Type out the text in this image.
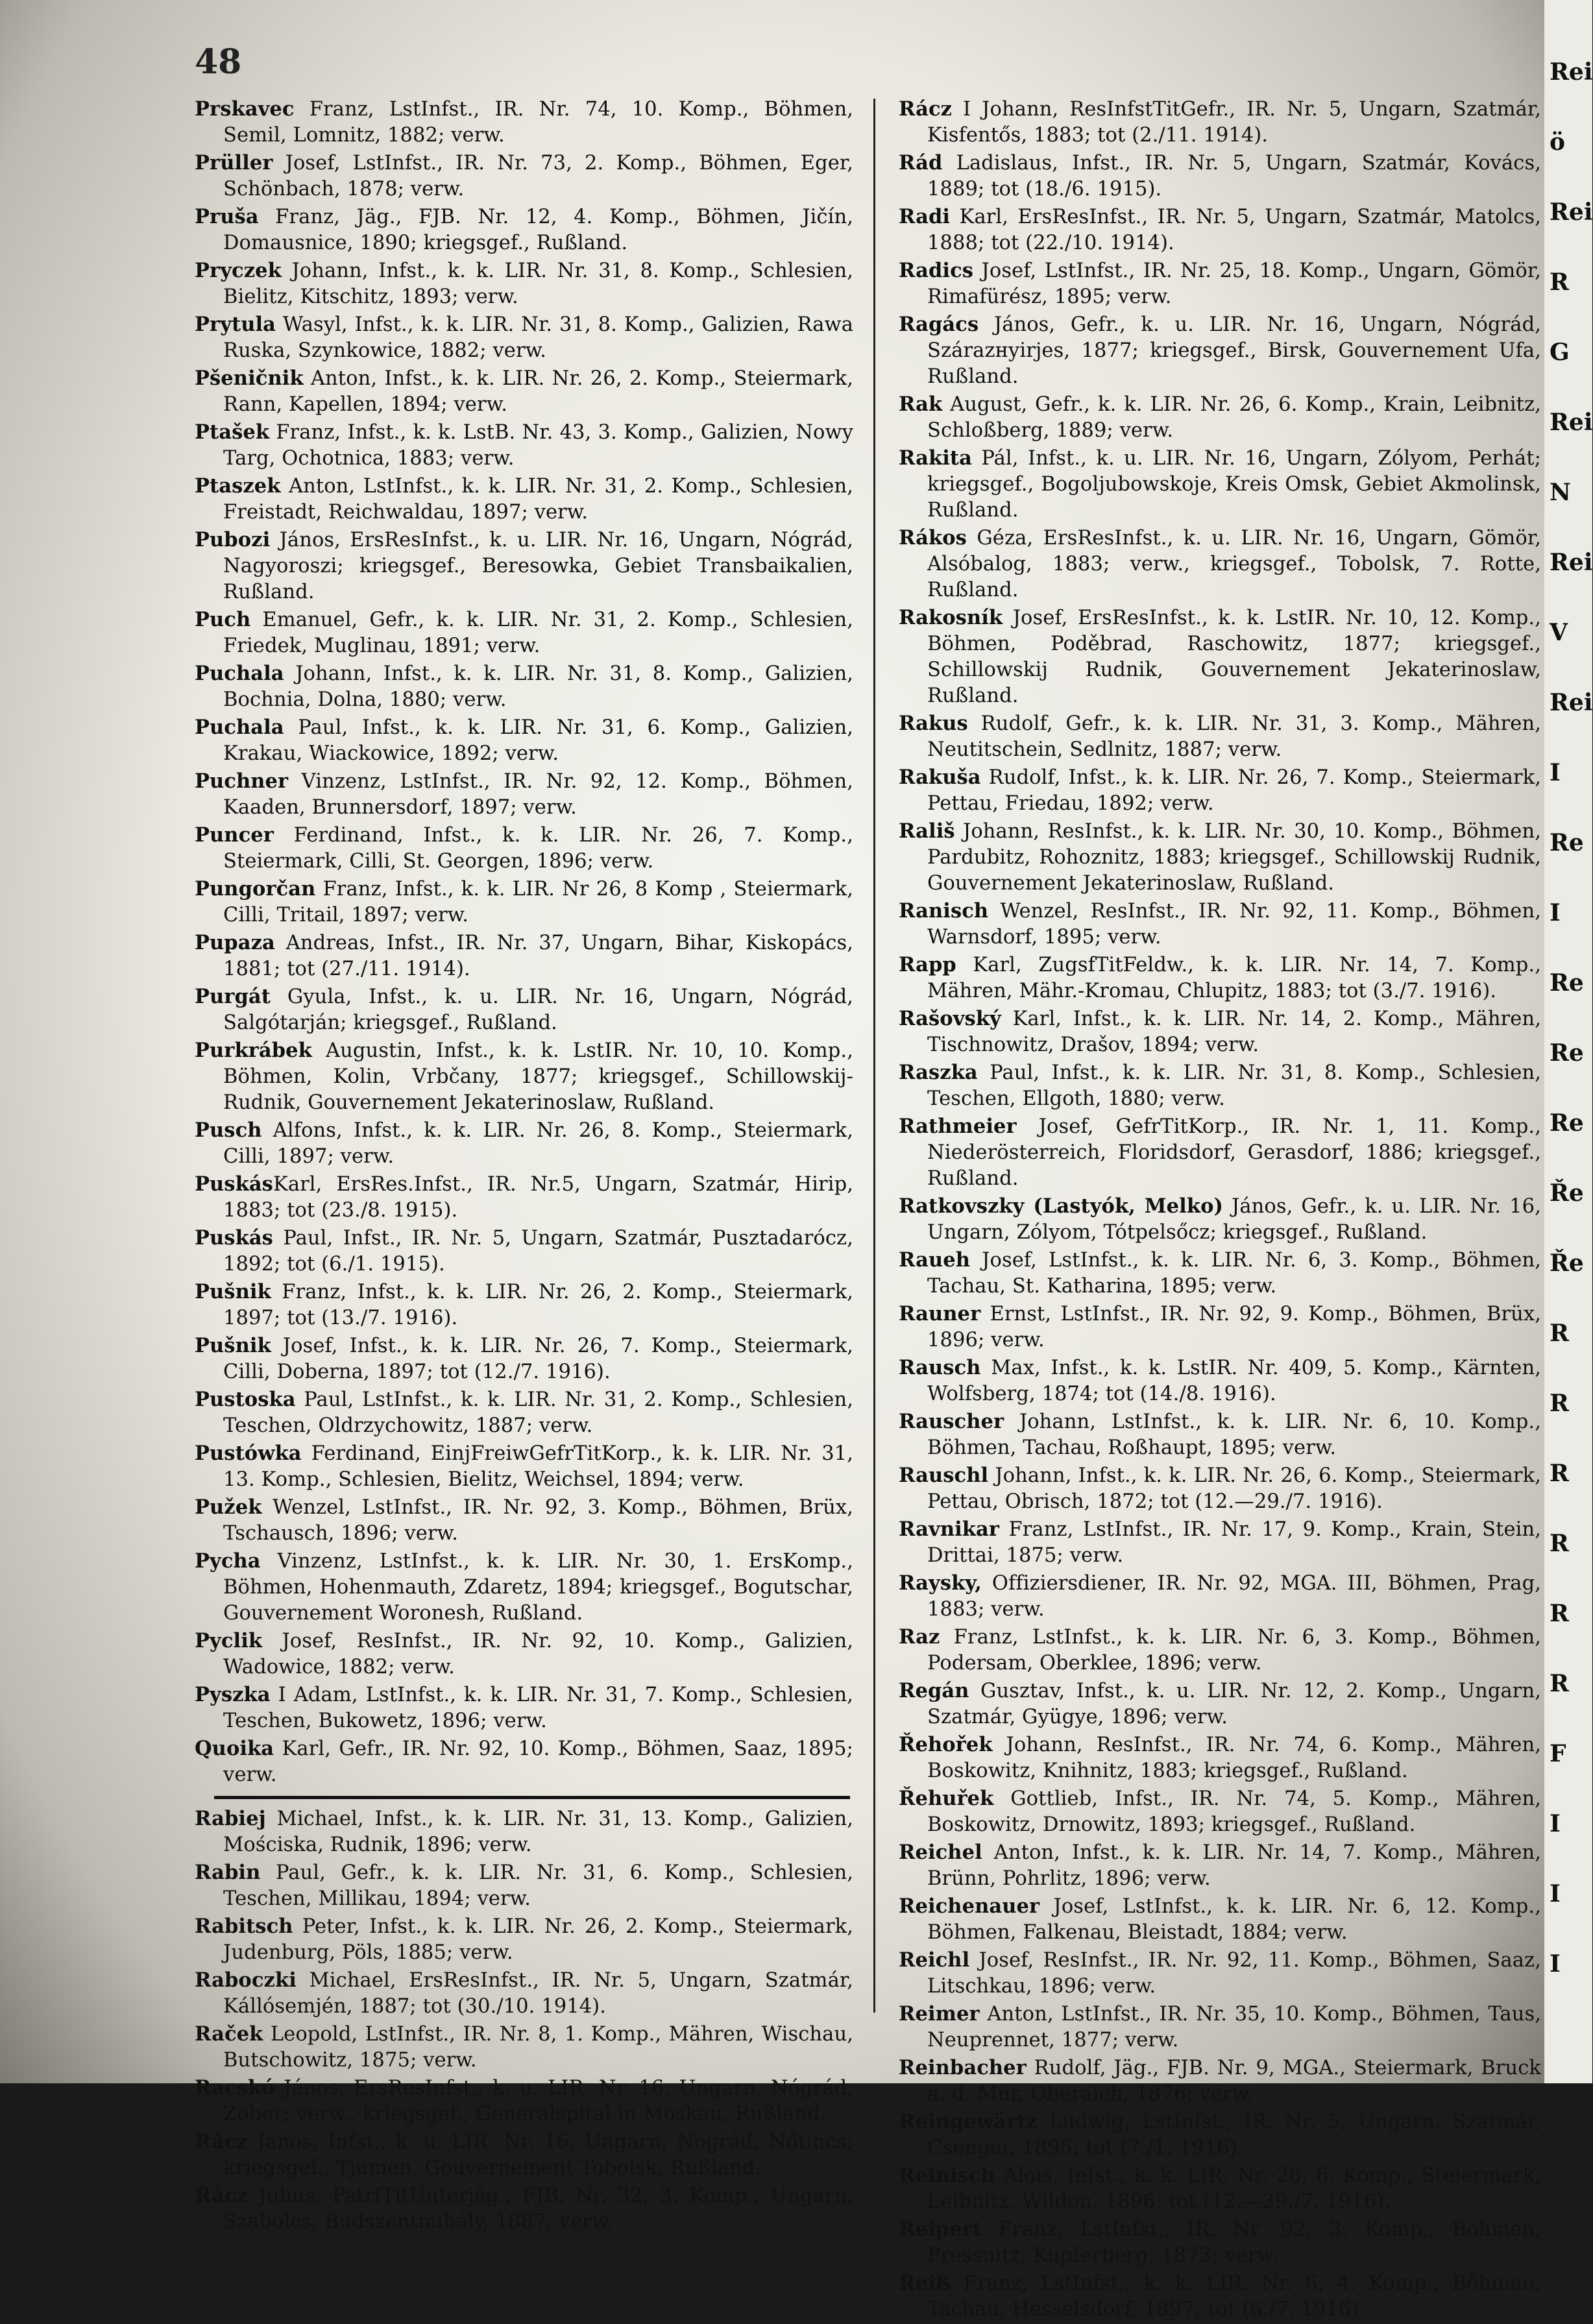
48

Prskavec Franz, LstInfst., IR. Nr. 74, 10. Komp., Böhmen, Semil, Lomnitz, 1882; verw.

Prüller Josef, LstInfst., IR. Nr. 73, 2. Komp., Böhmen, Eger, Schönbach, 1878; verw.

Pruša Franz, Jäg., FJB. Nr. 12, 4. Komp., Böhmen, Jičín, Domausnice, 1890; kriegsgef., Rußland.

Pryczek Johann, Infst., k. k. LIR. Nr. 31, 8. Komp., Schlesien, Bielitz, Kitschitz, 1893; verw.

Prytula Wasyl, Infst., k. k. LIR. Nr. 31, 8. Komp., Galizien, Rawa Ruska, Szynkowice, 1882; verw.

Pšeničnik Anton, Infst., k. k. LIR. Nr. 26, 2. Komp., Steiermark, Rann, Kapellen, 1894; verw.

Ptašek Franz, Infst., k. k. LstB. Nr. 43, 3. Komp., Galizien, Nowy Targ, Ochotnica, 1883; verw.

Ptaszek Anton, LstInfst., k. k. LIR. Nr. 31, 2. Komp., Schlesien, Freistadt, Reichwaldau, 1897; verw.

Pubozi János, ErsResInfst., k. u. LIR. Nr. 16, Ungarn, Nógrád, Nagyoroszi; kriegsgef., Beresowka, Gebiet Transbaikalien, Rußland.

Puch Emanuel, Gefr., k. k. LIR. Nr. 31, 2. Komp., Schlesien, Friedek, Muglinau, 1891; verw.

Puchala Johann, Infst., k. k. LIR. Nr. 31, 8. Komp., Galizien, Bochnia, Dolna, 1880; verw.

Puchala Paul, Infst., k. k. LIR. Nr. 31, 6. Komp., Galizien, Krakau, Wiackowice, 1892; verw.

Puchner Vinzenz, LstInfst., IR. Nr. 92, 12. Komp., Böhmen, Kaaden, Brunnersdorf, 1897; verw.

Puncer Ferdinand, Infst., k. k. LIR. Nr. 26, 7. Komp., Steiermark, Cilli, St. Georgen, 1896; verw.

Pungorčan Franz, Infst., k. k. LIR. Nr 26, 8 Komp , Steiermark, Cilli, Tritail, 1897; verw.

Pupaza Andreas, Infst., IR. Nr. 37, Ungarn, Bihar, Kiskopács, 1881; tot (27./11. 1914).

Purgát Gyula, Infst., k. u. LIR. Nr. 16, Ungarn, Nógrád, Salgótarján; kriegsgef., Rußland.

Purkrábek Augustin, Infst., k. k. LstIR. Nr. 10, 10. Komp., Böhmen, Kolin, Vrbčany, 1877; kriegsgef., Schillowskij-Rudnik, Gouvernement Jekaterinoslaw, Rußland.

Pusch Alfons, Infst., k. k. LIR. Nr. 26, 8. Komp., Steiermark, Cilli, 1897; verw.

PuskásKarl, ErsRes.Infst., IR. Nr.5, Ungarn, Szatmár, Hirip, 1883; tot (23./8. 1915).

Puskás Paul, Infst., IR. Nr. 5, Ungarn, Szatmár, Pusztadarócz, 1892; tot (6./1. 1915).

Pušnik Franz, Infst., k. k. LIR. Nr. 26, 2. Komp., Steiermark, 1897; tot (13./7. 1916).

Pušnik Josef, Infst., k. k. LIR. Nr. 26, 7. Komp., Steiermark, Cilli, Doberna, 1897; tot (12./7. 1916).

Pustoska Paul, LstInfst., k. k. LIR. Nr. 31, 2. Komp., Schlesien, Teschen, Oldrzychowitz, 1887; verw.

Pustówka Ferdinand, EinjFreiwGefrTitKorp., k. k. LIR. Nr. 31, 13. Komp., Schlesien, Bielitz, Weichsel, 1894; verw.

Pužek Wenzel, LstInfst., IR. Nr. 92, 3. Komp., Böhmen, Brüx, Tschausch, 1896; verw.

Pycha Vinzenz, LstInfst., k. k. LIR. Nr. 30, 1. ErsKomp., Böhmen, Hohenmauth, Zdaretz, 1894; kriegsgef., Bogutschar, Gouvernement Woronesh, Rußland.

Pyclik Josef, ResInfst., IR. Nr. 92, 10. Komp., Galizien, Wadowice, 1882; verw.

Pyszka I Adam, LstInfst., k. k. LIR. Nr. 31, 7. Komp., Schlesien, Teschen, Bukowetz, 1896; verw.

Quoika Karl, Gefr., IR. Nr. 92, 10. Komp., Böhmen, Saaz, 1895; verw.

Rabiej Michael, Infst., k. k. LIR. Nr. 31, 13. Komp., Galizien, Mościska, Rudnik, 1896; verw.

Rabin Paul, Gefr., k. k. LIR. Nr. 31, 6. Komp., Schlesien, Teschen, Millikau, 1894; verw.

Rabitsch Peter, Infst., k. k. LIR. Nr. 26, 2. Komp., Steiermark, Judenburg, Pöls, 1885; verw.

Raboczki Michael, ErsResInfst., IR. Nr. 5, Ungarn, Szatmár, Kállósemjén, 1887; tot (30./10. 1914).

Raček Leopold, LstInfst., IR. Nr. 8, 1. Komp., Mähren, Wischau, Butschowitz, 1875; verw.

Racskó János, ErsResInfst., k. u. LIR. Nr. 16, Ungarn, Nógrád, Zobor; verw., kriegsgef., Generalspital in Moskau, Rußland.

Rácz János, Infst., k. u. LIR. Nr. 16, Ungarn, Nógrád, Nőtincs; kriegsgef., Tjumen, Gouvernement Tobolsk, Rußland.

Rácz Julius, PatrfTitUnterjäg., FJB. Nr. 32, 3. Komp., Ungarn, Szabolcs, Büdszentmihály, 1887; verw.

Rácz I Johann, ResInfstTitGefr., IR. Nr. 5, Ungarn, Szatmár, Kisfentős, 1883; tot (2./11. 1914).

Rád Ladislaus, Infst., IR. Nr. 5, Ungarn, Szatmár, Kovács, 1889; tot (18./6. 1915).

Radi Karl, ErsResInfst., IR. Nr. 5, Ungarn, Szatmár, Matolcs, 1888; tot (22./10. 1914).

Radics Josef, LstInfst., IR. Nr. 25, 18. Komp., Ungarn, Gömör, Rimafürész, 1895; verw.

Ragács János, Gefr., k. u. LIR. Nr. 16, Ungarn, Nógrád, Szárazнyirjes, 1877; kriegsgef., Birsk, Gouvernement Ufa, Rußland.

Rak August, Gefr., k. k. LIR. Nr. 26, 6. Komp., Krain, Leibnitz, Schloßberg, 1889; verw.

Rakita Pál, Infst., k. u. LIR. Nr. 16, Ungarn, Zólyom, Perhát; kriegsgef., Bogoljubowskoje, Kreis Omsk, Gebiet Akmolinsk, Rußland.

Rákos Géza, ErsResInfst., k. u. LIR. Nr. 16, Ungarn, Gömör, Alsóbalog, 1883; verw., kriegsgef., Tobolsk, 7. Rotte, Rußland.

Rakosník Josef, ErsResInfst., k. k. LstIR. Nr. 10, 12. Komp., Böhmen, Poděbrad, Raschowitz, 1877; kriegsgef., Schillowskij Rudnik, Gouvernement Jekaterinoslaw, Rußland.

Rakus Rudolf, Gefr., k. k. LIR. Nr. 31, 3. Komp., Mähren, Neutitschein, Sedlnitz, 1887; verw.

Rakuša Rudolf, Infst., k. k. LIR. Nr. 26, 7. Komp., Steiermark, Pettau, Friedau, 1892; verw.

Rališ Johann, ResInfst., k. k. LIR. Nr. 30, 10. Komp., Böhmen, Pardubitz, Rohoznitz, 1883; kriegsgef., Schillowskij Rudnik, Gouvernement Jekaterinoslaw, Rußland.

Ranisch Wenzel, ResInfst., IR. Nr. 92, 11. Komp., Böhmen, Warnsdorf, 1895; verw.

Rapp Karl, ZugsfTitFeldw., k. k. LIR. Nr. 14, 7. Komp., Mähren, Mähr.-Kromau, Chlupitz, 1883; tot (3./7. 1916).

Rašovský Karl, Infst., k. k. LIR. Nr. 14, 2. Komp., Mähren, Tischnowitz, Drašov, 1894; verw.

Raszka Paul, Infst., k. k. LIR. Nr. 31, 8. Komp., Schlesien, Teschen, Ellgoth, 1880; verw.

Rathmeier Josef, GefrTitKorp., IR. Nr. 1, 11. Komp., Niederösterreich, Floridsdorf, Gerasdorf, 1886; kriegsgef., Rußland.

Ratkovszky (Lastyók, Melko) János, Gefr., k. u. LIR. Nr. 16, Ungarn, Zólyom, Tótpelsőcz; kriegsgef., Rußland.

Raueh Josef, LstInfst., k. k. LIR. Nr. 6, 3. Komp., Böhmen, Tachau, St. Katharina, 1895; verw.

Rauner Ernst, LstInfst., IR. Nr. 92, 9. Komp., Böhmen, Brüx, 1896; verw.

Rausch Max, Infst., k. k. LstIR. Nr. 409, 5. Komp., Kärnten, Wolfsberg, 1874; tot (14./8. 1916).

Rauscher Johann, LstInfst., k. k. LIR. Nr. 6, 10. Komp., Böhmen, Tachau, Roßhaupt, 1895; verw.

Rauschl Johann, Infst., k. k. LIR. Nr. 26, 6. Komp., Steiermark, Pettau, Obrisch, 1872; tot (12.—29./7. 1916).

Ravnikar Franz, LstInfst., IR. Nr. 17, 9. Komp., Krain, Stein, Drittai, 1875; verw.

Raysky, Offiziersdiener, IR. Nr. 92, MGA. III, Böhmen, Prag, 1883; verw.

Raz Franz, LstInfst., k. k. LIR. Nr. 6, 3. Komp., Böhmen, Podersam, Oberklee, 1896; verw.

Regán Gusztav, Infst., k. u. LIR. Nr. 12, 2. Komp., Ungarn, Szatmár, Gyügye, 1896; verw.

Řehořek Johann, ResInfst., IR. Nr. 74, 6. Komp., Mähren, Boskowitz, Knihnitz, 1883; kriegsgef., Rußland.

Řehuřek Gottlieb, Infst., IR. Nr. 74, 5. Komp., Mähren, Boskowitz, Drnowitz, 1893; kriegsgef., Rußland.

Reichel Anton, Infst., k. k. LIR. Nr. 14, 7. Komp., Mähren, Brünn, Pohrlitz, 1896; verw.

Reichenauer Josef, LstInfst., k. k. LIR. Nr. 6, 12. Komp., Böhmen, Falkenau, Bleistadt, 1884; verw.

Reichl Josef, ResInfst., IR. Nr. 92, 11. Komp., Böhmen, Saaz, Litschkau, 1896; verw.

Reimer Anton, LstInfst., IR. Nr. 35, 10. Komp., Böhmen, Taus, Neuprennet, 1877; verw.

Reinbacher Rudolf, Jäg., FJB. Nr. 9, MGA., Steiermark, Bruck a. d. Mur, Oberaich, 1876; verw.

Reingewärtz Ludwig, LstInfst., IR. Nr. 5, Ungarn, Szatmár, Csenger, 1895; tot (7./1. 1916).

Reinisch Alois, Infst., k. k. LIR. Nr. 26, 6. Komp., Steiermark, Leibnitz, Wildon, 1896; tot (12.—29./7. 1916).

Reipert Franz, LstInfst., IR. Nr. 92, 3. Komp., Böhmen, Pressnitz, Kupferberg, 1873; verw.

Reiß Franz, LstInfst., k. k. LIR. Nr. 6, 4. Komp., Böhmen, Tachau, Hesselsdorf, 1897; tot (6./7. 1916).

Rei
ö
Rei
R
G
Rei
N
Rei
V
Rei
I
Re
I
Re
Re
Re
Ře
Ře
R
R
R
R
R
R
F
I
I
I
